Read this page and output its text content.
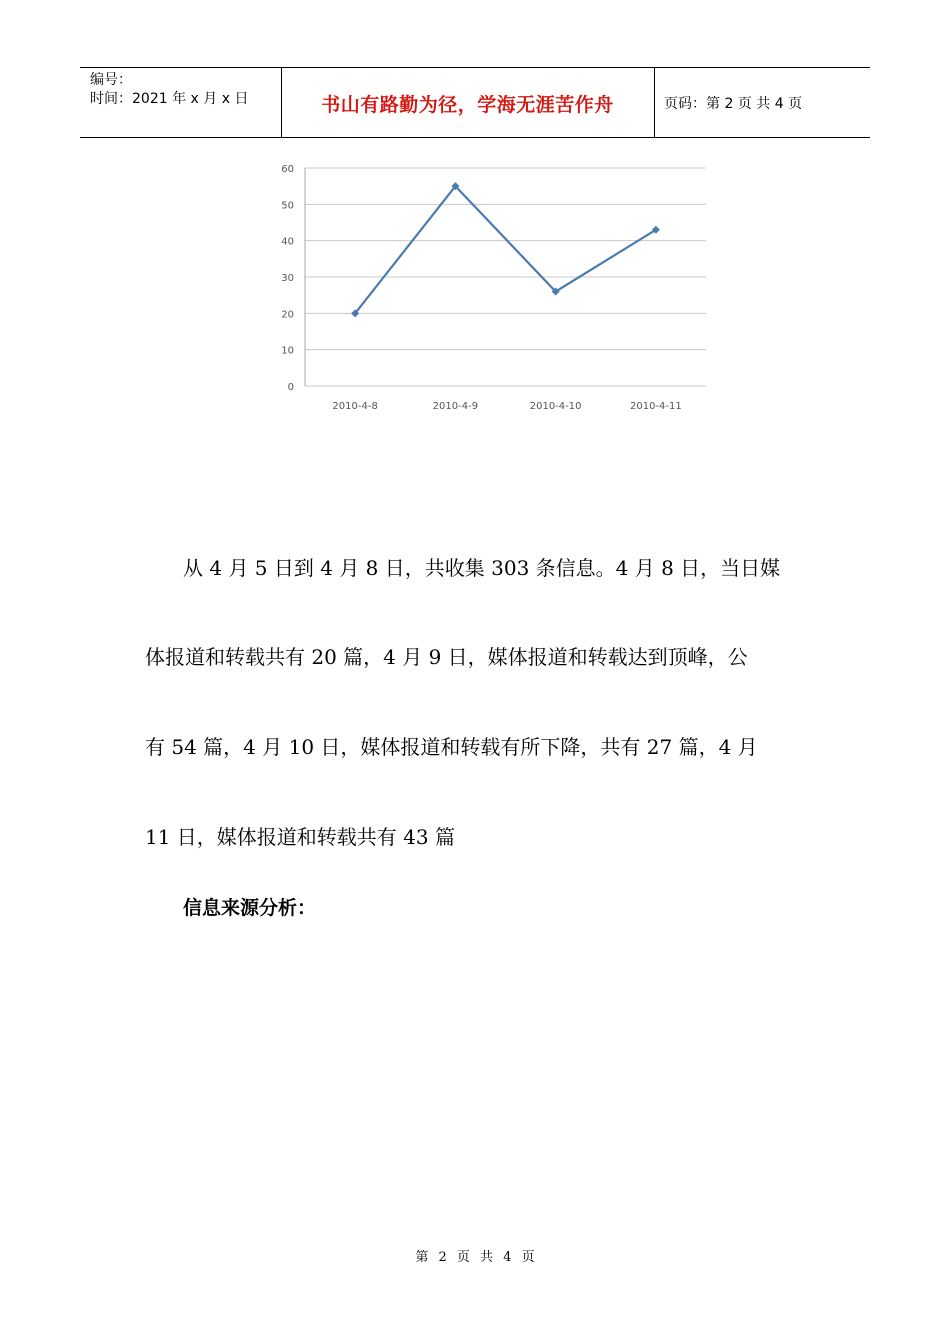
编号：
时间：2021 年 x 月 x 日	书山有路勤为径，学海无涯苦作舟	页码：第 2 页 共 4 页
0
10
20
30
40
50
60
2010-4-8	2010-4-9	2010-4-10	2010-4-11
从 4 月 5 日到 4 月 8 日，共收集 303 条信息。4 月 8 日，当日媒
体报道和转载共有 20 篇，4 月 9 日，媒体报道和转载达到顶峰，公
有 54 篇，4 月 10 日，媒体报道和转载有所下降，共有 27 篇，4 月
11 日，媒体报道和转载共有 43 篇
信息来源分析：
第 2 页 共 4 页
